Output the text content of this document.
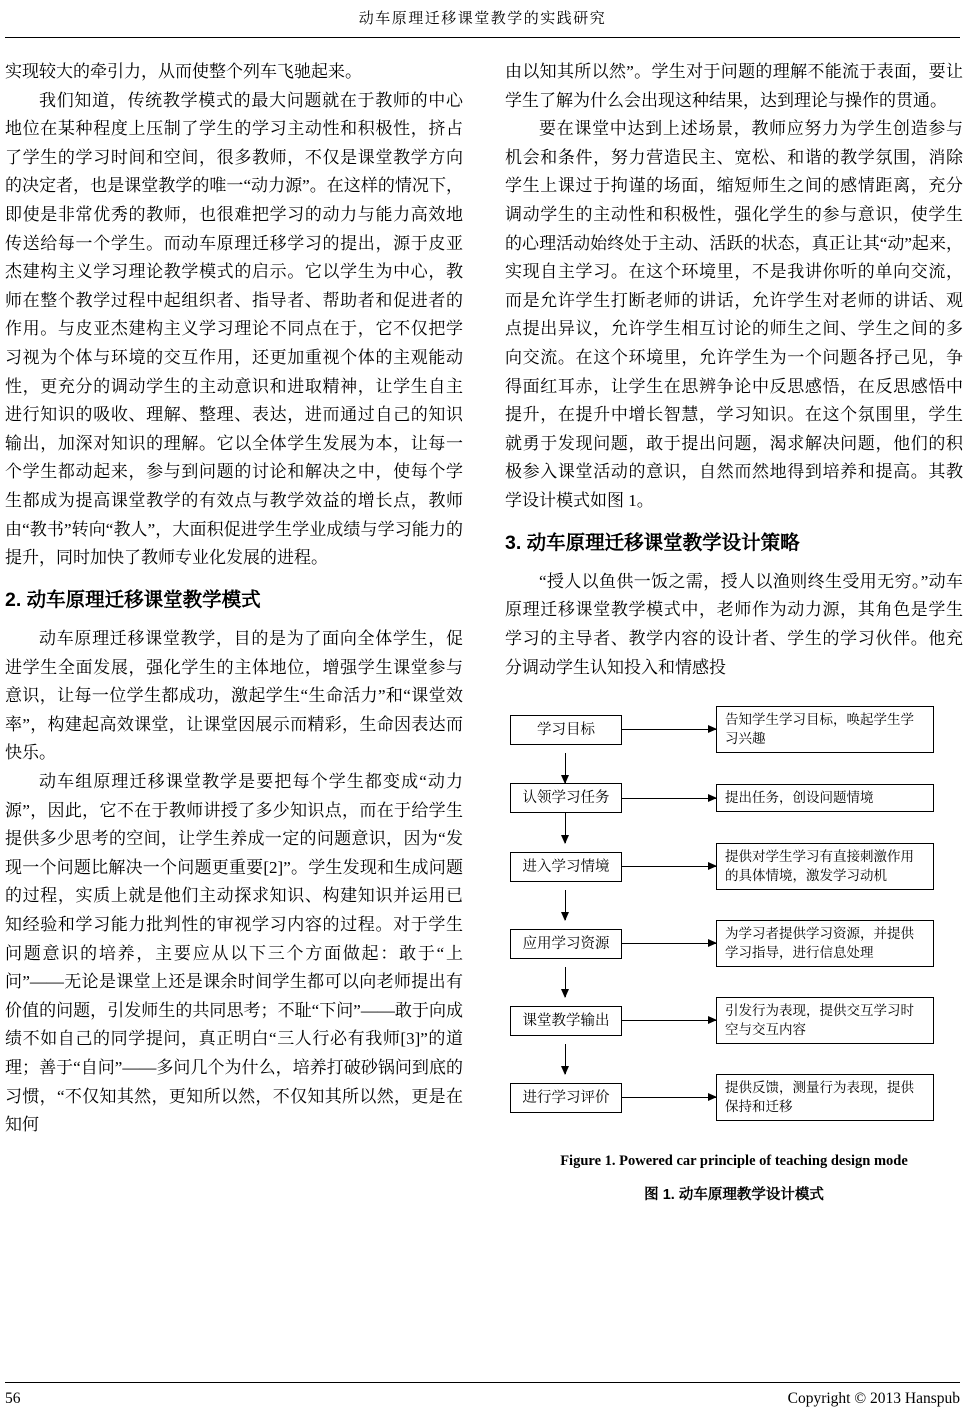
动车原理迁移课堂教学的实践研究

实现较大的牵引力，从而使整个列车飞驰起来。

我们知道，传统教学模式的最大问题就在于教师的中心地位在某种程度上压制了学生的学习主动性和积极性，挤占了学生的学习时间和空间，很多教师，不仅是课堂教学方向的决定者，也是课堂教学的唯一“动力源”。在这样的情况下，即使是非常优秀的教师，也很难把学习的动力与能力高效地传送给每一个学生。而动车原理迁移学习的提出，源于皮亚杰建构主义学习理论教学模式的启示。它以学生为中心，教师在整个教学过程中起组织者、指导者、帮助者和促进者的作用。与皮亚杰建构主义学习理论不同点在于，它不仅把学习视为个体与环境的交互作用，还更加重视个体的主观能动性，更充分的调动学生的主动意识和进取精神，让学生自主进行知识的吸收、理解、整理、表达，进而通过自己的知识输出，加深对知识的理解。它以全体学生发展为本，让每一个学生都动起来，参与到问题的讨论和解决之中，使每个学生都成为提高课堂教学的有效点与教学效益的增长点，教师由“教书”转向“教人”，大面积促进学生学业成绩与学习能力的提升，同时加快了教师专业化发展的进程。

2. 动车原理迁移课堂教学模式

动车原理迁移课堂教学，目的是为了面向全体学生，促进学生全面发展，强化学生的主体地位，增强学生课堂参与意识，让每一位学生都成功，激起学生“生命活力”和“课堂效率”，构建起高效课堂，让课堂因展示而精彩，生命因表达而快乐。

动车组原理迁移课堂教学是要把每个学生都变成“动力源”，因此，它不在于教师讲授了多少知识点，而在于给学生提供多少思考的空间，让学生养成一定的问题意识，因为“发现一个问题比解决一个问题更重要[2]”。学生发现和生成问题的过程，实质上就是他们主动探求知识、构建知识并运用已知经验和学习能力批判性的审视学习内容的过程。对于学生问题意识的培养，主要应从以下三个方面做起：敢于“上问”——无论是课堂上还是课余时间学生都可以向老师提出有价值的问题，引发师生的共同思考；不耻“下问”——敢于向成绩不如自己的同学提问，真正明白“三人行必有我师[3]”的道理；善于“自问”——多问几个为什么，培养打破砂锅问到底的习惯，“不仅知其然，更知所以然，不仅知其所以然，更是在知何

由以知其所以然”。学生对于问题的理解不能流于表面，要让学生了解为什么会出现这种结果，达到理论与操作的贯通。

要在课堂中达到上述场景，教师应努力为学生创造参与机会和条件，努力营造民主、宽松、和谐的教学氛围，消除学生上课过于拘谨的场面，缩短师生之间的感情距离，充分调动学生的主动性和积极性，强化学生的参与意识，使学生的心理活动始终处于主动、活跃的状态，真正让其“动”起来，实现自主学习。在这个环境里，不是我讲你听的单向交流，而是允许学生打断老师的讲话，允许学生对老师的讲话、观点提出异议，允许学生相互讨论的师生之间、学生之间的多向交流。在这个环境里，允许学生为一个问题各抒己见，争得面红耳赤，让学生在思辨争论中反思感悟，在反思感悟中提升，在提升中增长智慧，学习知识。在这个氛围里，学生就勇于发现问题，敢于提出问题，渴求解决问题，他们的积极参入课堂活动的意识，自然而然地得到培养和提高。其教学设计模式如图 1。

3. 动车原理迁移课堂教学设计策略

“授人以鱼供一饭之需，授人以渔则终生受用无穷。”动车原理迁移课堂教学模式中，老师作为动力源，其角色是学生学习的主导者、教学内容的设计者、学生的学习伙伴。他充分调动学生认知投入和情感投

学习目标
告知学生学习目标，唤起学生学习兴趣
认领学习任务	提出任务，创设问题情境
进入学习情境
提供对学生学习有直接刺激作用的具体情境，激发学习动机
应用学习资源
为学习者提供学习资源，并提供学习指导，进行信息处理
课堂教学输出
引发行为表现，提供交互学习时空与交互内容
进行学习评价
提供反馈，测量行为表现，提供保持和迁移
Figure 1. Powered car principle of teaching design mode
图 1. 动车原理教学设计模式
56	Copyright © 2013 Hanspub
